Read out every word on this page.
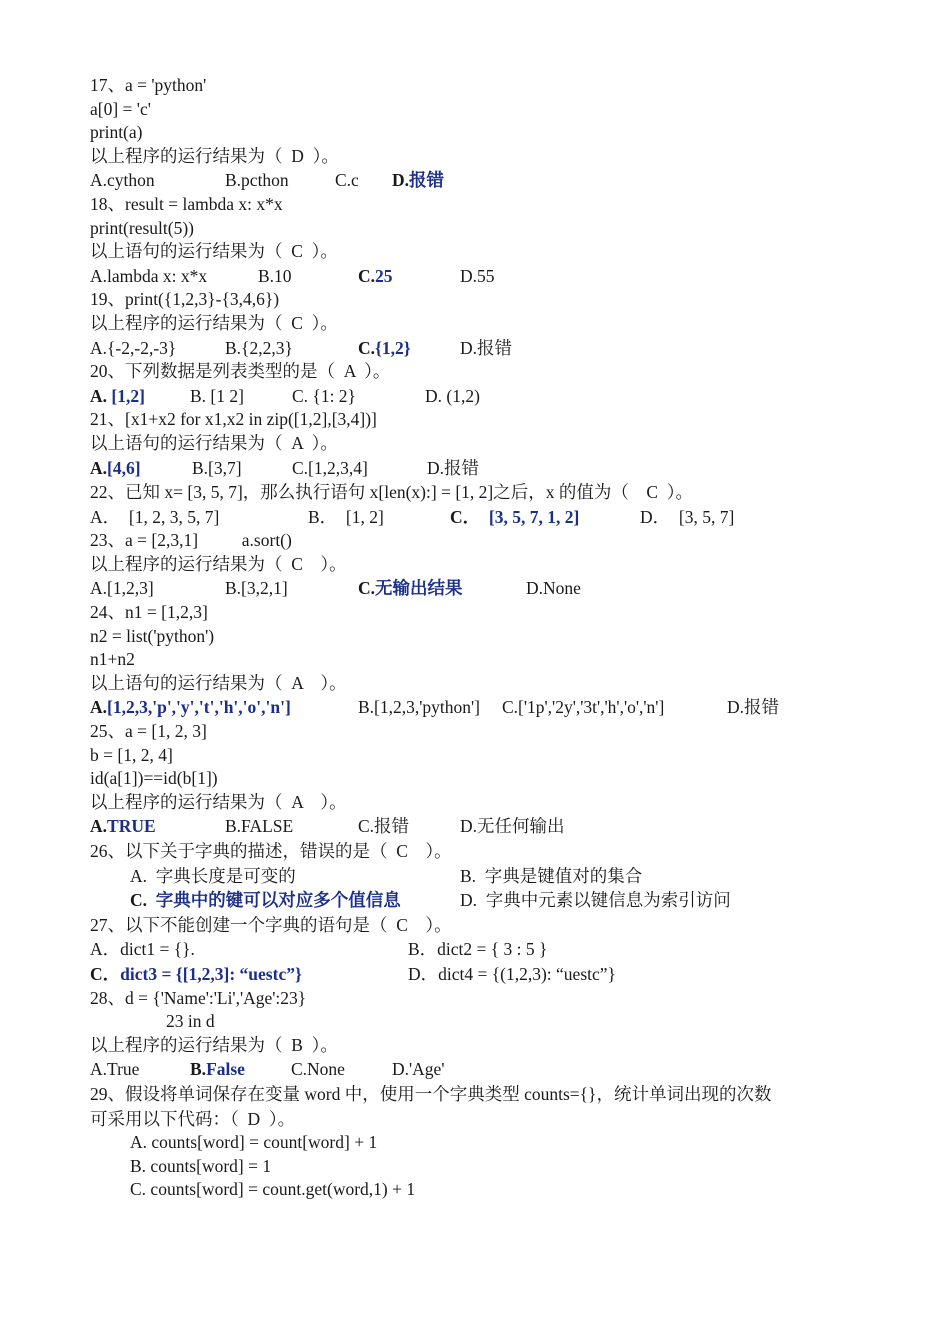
17、a = 'python'
a[0] = 'c'
print(a)
以上程序的运行结果为（  D  ）。

A.cython

	B.pcthon

	C.c

D.报错

18、result = lambda x: x*x
print(result(5))
以上语句的运行结果为（  C  ）。

A.lambda x: x*x

	B.10

	C.25

	D.55

19、print({1,2,3}-{3,4,6})
以上程序的运行结果为（  C  ）。

A.{-2,-2,-3}

	B.{2,2,3}

	C.{1,2}

	D.报错

20、下列数据是列表类型的是（  A  ）。

A. [1,2]

	B. [1 2]

	C. {1: 2}

	D. (1,2)

21、[x1+x2 for x1,x2 in zip([1,2],[3,4])]
以上语句的运行结果为（  A  ）。

A.[4,6]

	B.[3,7]

	C.[1,2,3,4]

	D.报错

22、已知 x= [3, 5, 7]，那么执行语句 x[len(x):] = [1, 2]之后，x 的值为（    C  ）。

A．  [1, 2, 3, 5, 7]

	B．  [1, 2]

	C．  [3, 5, 7, 1, 2]

	D．  [3, 5, 7]

23、a = [2,3,1]          a.sort()
以上程序的运行结果为（  C    ）。

A.[1,2,3]

	B.[3,2,1]

	C.无输出结果

	D.None

24、n1 = [1,2,3]
n2 = list('python')
n1+n2
以上语句的运行结果为（  A    ）。

A.[1,2,3,'p','y','t','h','o','n']

	B.[1,2,3,'python']

C.['1p','2y','3t','h','o','n']

	D.报错

25、a = [1, 2, 3]
b = [1, 2, 4]
id(a[1])==id(b[1])
以上程序的运行结果为（  A    ）。

A.TRUE

	B.FALSE

	C.报错

	D.无任何输出

26、以下关于字典的描述，错误的是（  C    ）。

A.  字典长度是可变的

	B.  字典是键值对的集合

C.  字典中的键可以对应多个值信息

	D.  字典中元素以键信息为索引访问

27、以下不能创建一个字典的语句是（  C    ）。

A．dict1 = {}.

	B．dict2 = { 3 : 5 }

C．dict3 = {[1,2,3]: “uestc”}

	D．dict4 = {(1,2,3): “uestc”}

28、d = {'Name':'Li','Age':23}
23 in d
以上程序的运行结果为（  B  ）。

A.True

	B.False

	C.None

	D.'Age'

29、假设将单词保存在变量 word 中，使用一个字典类型 counts={}，统计单词出现的次数
可采用以下代码：（  D  ）。
A. counts[word] = count[word] + 1
B. counts[word] = 1
C. counts[word] = count.get(word,1) + 1
